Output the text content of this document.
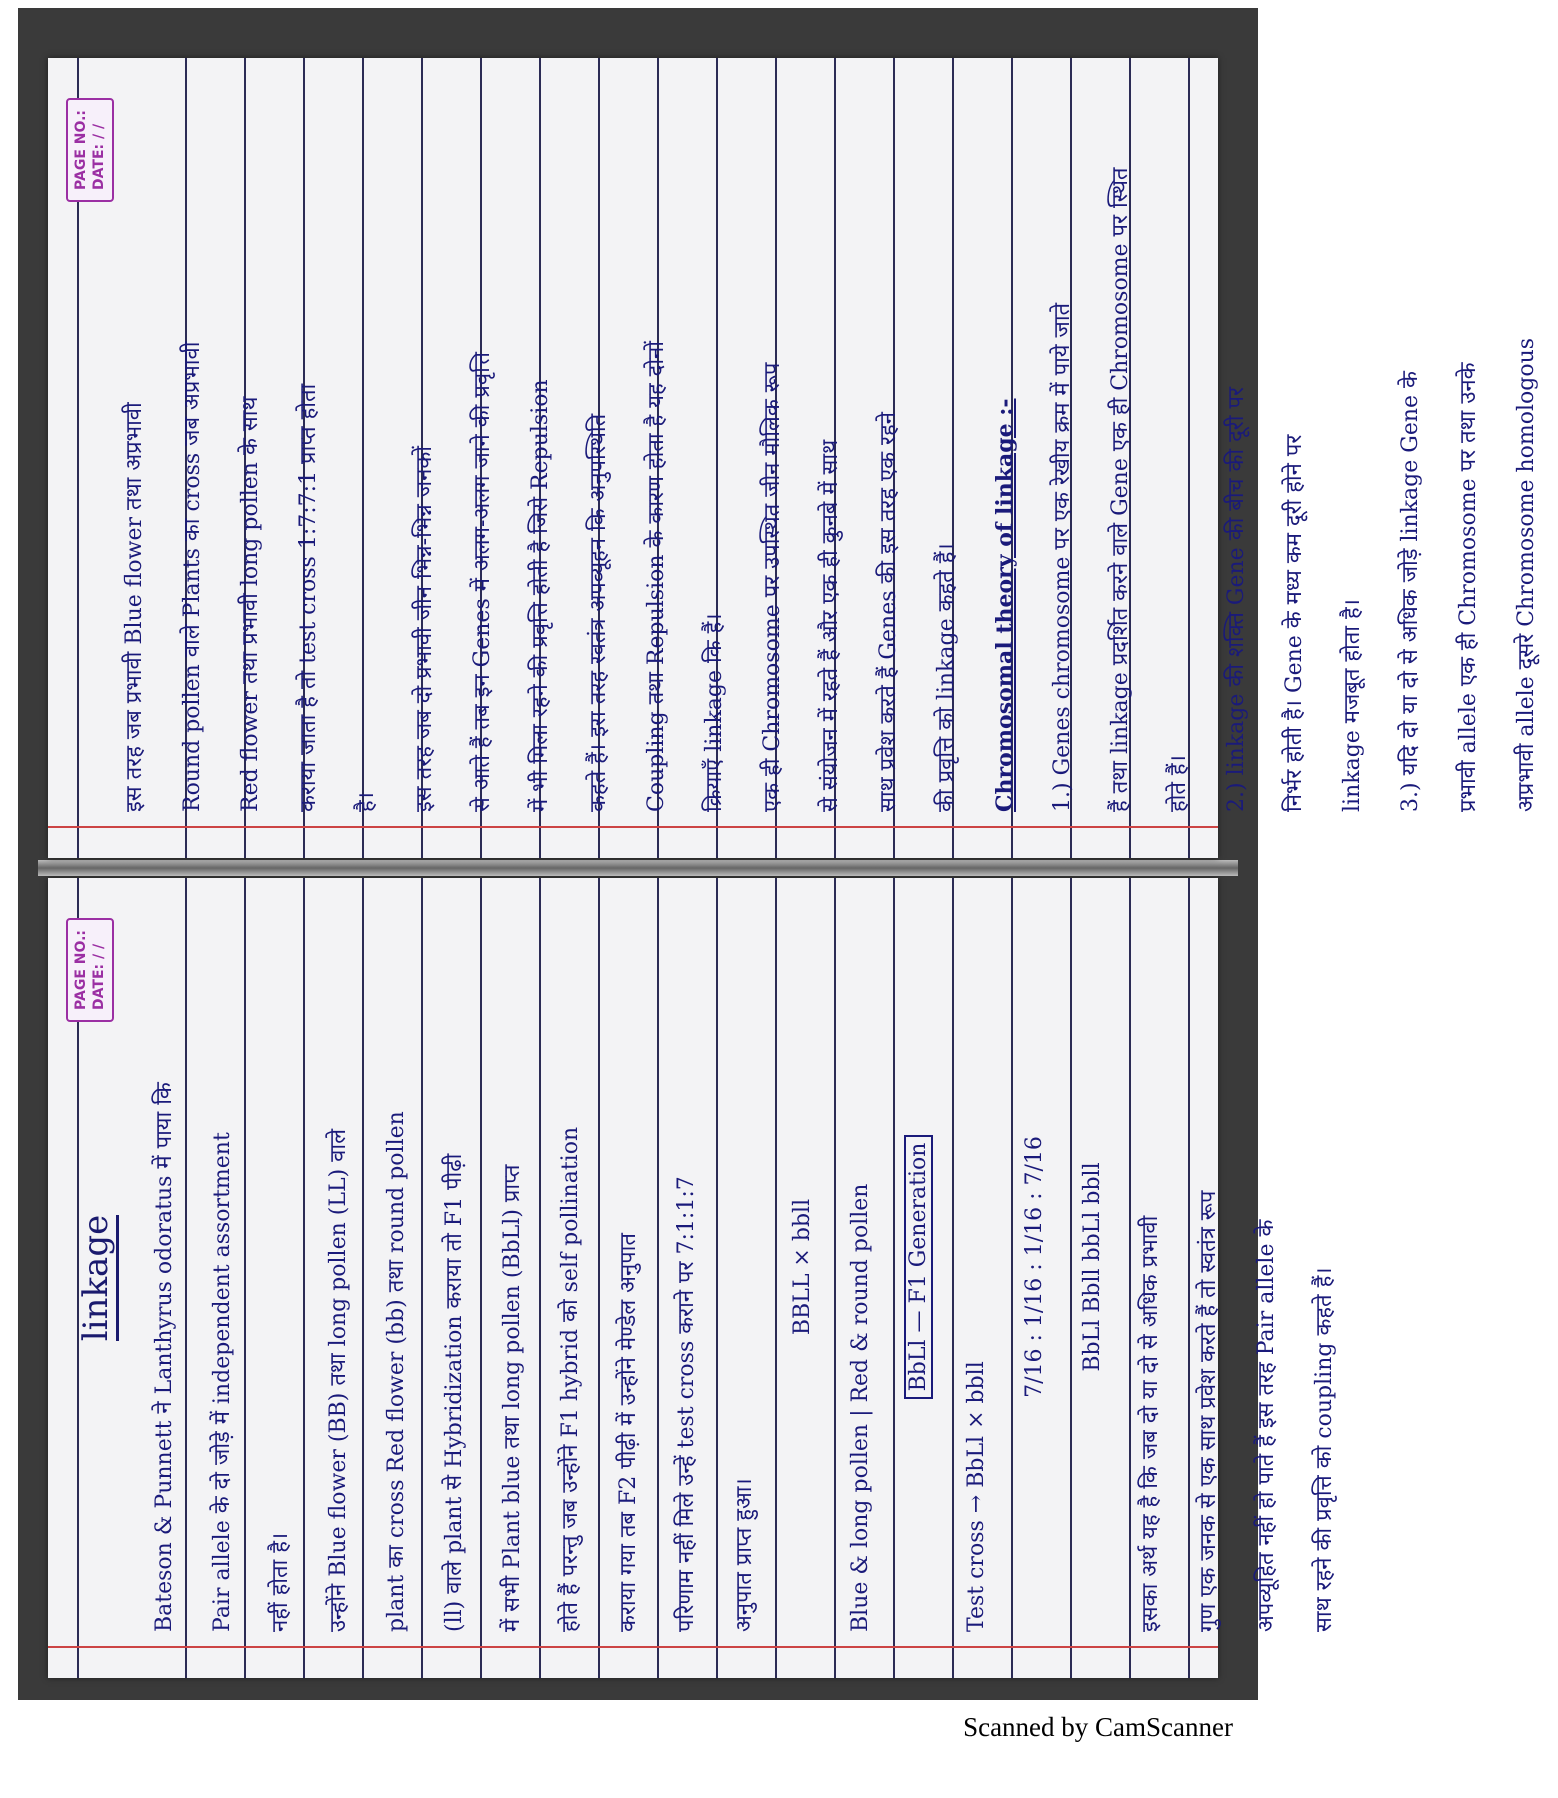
PAGE NO.: DATE: / /
linkage	Bateson & Punnett ने Lanthyrus odoratus में पाया कि	Pair allele के दो जोड़े में independent assortment	नहीं होता है।	उन्होंने Blue flower (BB) तथा long pollen (LL) वाले	plant का cross Red flower (bb) तथा round pollen	(ll) वाले plant से Hybridization कराया तो F1 पीढ़ी	में सभी Plant blue तथा long pollen (BbLl) प्राप्त	होते हैं परन्तु जब उन्होंने F1 hybrid को self pollination	कराया गया तब F2 पीढ़ी में उन्होंने मेण्डेल अनुपात	परिणाम नहीं मिले उन्हें test cross कराने पर 7:1:1:7	अनुपात प्राप्त हुआ।
BBLL × bbll	Blue & long pollen | Red & round pollen	BbLl — F1 Generation
Test cross → BbLl × bbll
7/16 : 1/16 : 1/16 : 7/16	BbLl Bbll bbLl bbll	इसका अर्थ यह है कि जब दो या दो से अधिक प्रभावी	गुण एक जनक से एक साथ प्रवेश करते हैं तो स्वतंत्र रूप	अपव्यूहित नहीं हो पाते हैं इस तरह Pair allele के	साथ रहने की प्रवृत्ति को coupling कहते हैं।
PAGE NO.: DATE: / /
इस तरह जब प्रभावी Blue flower तथा अप्रभावी	Round pollen वाले Plants का cross जब अप्रभावी	Red flower तथा प्रभावी long pollen के साथ	कराया जाता है तो test cross 1:7:7:1 प्राप्त होता	है।	इस तरह जब दो प्रभावी जीन भिन्न-भिन्न जनकों	से आते हैं तब इन Genes में अलग-अलग जाने की प्रवृत्ति	में भी मिला रहने की प्रवृत्ति होती है जिसे Repulsion	कहते हैं। इस तरह स्वतंत्र अपव्यूहन कि अनुपस्थिति	Coupling तथा Repulsion के कारण होता है यह दोनों	क्रियाएँ linkage कि हैं।	एक ही Chromosome पर उपस्थित जीन मौलिक रूप	से संयोजन में रहते हैं और एक ही कुनबे में साथ	साथ प्रवेश करते हैं Genes की इस तरह एक रहने	की प्रवृत्ति को linkage कहते हैं।	Chromosomal theory of linkage :-	1.) Genes chromosome पर एक रेखीय क्रम में पाये जाते	हैं तथा linkage प्रदर्शित करने वाले Gene एक ही Chromosome पर स्थित	होते हैं।	2.) linkage की शक्ति Gene की बीच की दूरी पर	निर्भर होती है। Gene के मध्य कम दूरी होने पर	linkage मजबूत होता है।	3.) यदि दो या दो से अधिक जोड़े linkage Gene के	प्रभावी allele एक ही Chromosome पर तथा उनके	अप्रभावी allele दूसरे Chromosome homologous
Scanned by CamScanner
